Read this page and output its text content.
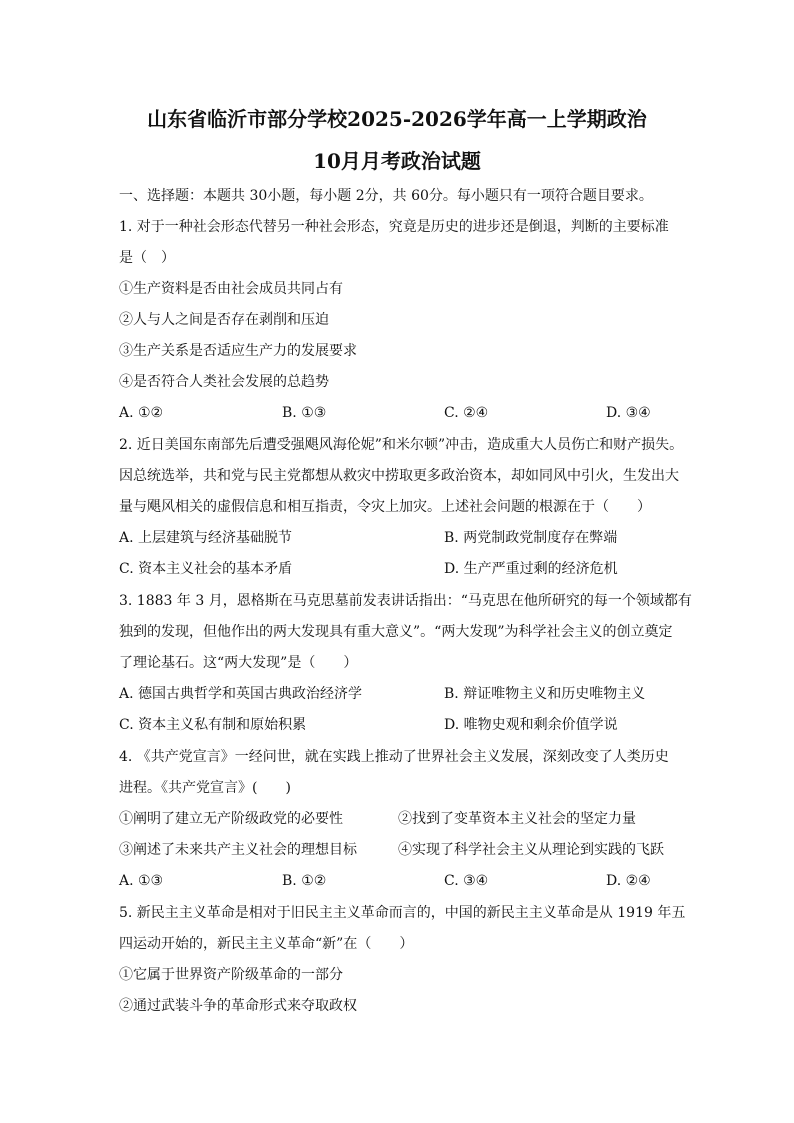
山东省临沂市部分学校2025-2026学年高一上学期政治
10月月考政治试题
一、选择题：本题共 30小题，每小题 2分，共 60分。每小题只有一项符合题目要求。
1. 对于一种社会形态代替另一种社会形态，究竟是历史的进步还是倒退，判断的主要标准
是（　）
①生产资料是否由社会成员共同占有
②人与人之间是否存在剥削和压迫
③生产关系是否适应生产力的发展要求
④是否符合人类社会发展的总趋势
A. ①②	B. ①③	C. ②④	D. ③④
2. 近日美国东南部先后遭受强飓风海伦妮”和米尔顿”冲击，造成重大人员伤亡和财产损失。
因总统选举，共和党与民主党都想从救灾中捞取更多政治资本，却如同风中引火，生发出大
量与飓风相关的虚假信息和相互指责，令灾上加灾。上述社会问题的根源在于（　　）
A. 上层建筑与经济基础脱节	B. 两党制政党制度存在弊端
C. 资本主义社会的基本矛盾	D. 生产严重过剩的经济危机
3. 1883 年 3 月，恩格斯在马克思墓前发表讲话指出：“马克思在他所研究的每一个领域都有
独到的发现，但他作出的两大发现具有重大意义”。“两大发现”为科学社会主义的创立奠定
了理论基石。这“两大发现”是（　　）
A. 德国古典哲学和英国古典政治经济学	B. 辩证唯物主义和历史唯物主义
C. 资本主义私有制和原始积累	D. 唯物史观和剩余价值学说
4. 《共产党宣言》一经问世，就在实践上推动了世界社会主义发展，深刻改变了人类历史
进程。《共产党宣言》(　　)
①阐明了建立无产阶级政党的必要性	②找到了变革资本主义社会的坚定力量
③阐述了未来共产主义社会的理想目标	④实现了科学社会主义从理论到实践的飞跃
A. ①③	B. ①②	C. ③④	D. ②④
5. 新民主主义革命是相对于旧民主主义革命而言的，中国的新民主主义革命是从 1919 年五
四运动开始的，新民主主义革命“新”在（　　）
①它属于世界资产阶级革命的一部分
②通过武装斗争的革命形式来夺取政权
